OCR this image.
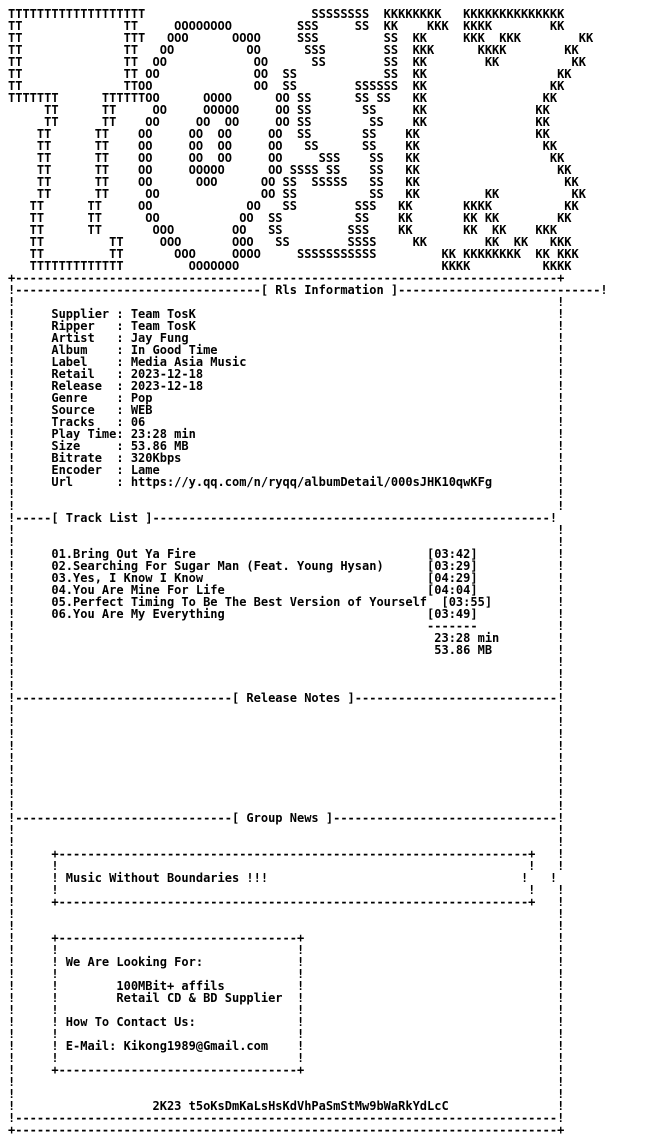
TTTTTTTTTTTTTTTTTTT                       SSSSSSSS  KKKKKKKK   KKKKKKKKKKKKKK
TT              TT     OOOOOOOO         SSS     SS  KK    KKK  KKKK        KK
TT              TTT   OOO      OOOO     SSS         SS  KK     KKK  KKK        KK
TT              TT   OO          OO      SSS        SS  KKK      KKKK        KK
TT              TT  OO            OO      SS        SS  KK        KK          KK
TT              TT OO             OO  SS            SS  KK                  KK
TT              TTOO              OO  SS        SSSSSS  KK                 KK
TTTTTTT      TTTTTTOO      OOOO      OO SS      SS SS   KK                KK
TT      TT     OO     OOOOO     OO SS       SS     KK               KK
TT      TT    OO     OO  OO     OO SS        SS    KK               KK
TT      TT    OO     OO  OO     OO  SS       SS    KK                KK
TT      TT    OO     OO  OO     OO   SS      SS    KK                 KK
TT      TT    OO     OO  OO     OO     SSS    SS   KK                  KK
TT      TT    OO     OOOOO      OO SSSS SS    SS   KK                   KK
TT      TT    OO      OOO      OO SS  SSSSS   SS   KK                    KK
TT      TT     OO              OO SS          SS   KK         KK          KK
TT      TT     OO             OO   SS        SSS   KK       KKKK          KK
TT      TT      OO           OO  SS          SS    KK       KK KK        KK
TT      TT       OOO        OO   SS         SSS    KK       KK  KK    KKK
TT         TT     OOO       OOO   SS        SSSS     KK        KK  KK   KKK
TT         TT       OOO     OOOO     SSSSSSSSSSS         KK KKKKKKKK  KK KKK
TTTTTTTTTTTTT         OOOOOOO                            KKKK          KKKK
+---------------------------------------------------------------------------+
!----------------------------------[ Rls Information ]----------------------------!
!                                                                           !
!     Supplier : Team TosK                                                  !
!     Ripper   : Team TosK                                                  !
!     Artist   : Jay Fung                                                   !
!     Album    : In Good Time                                               !
!     Label    : Media Asia Music                                           !
!     Retail   : 2023-12-18                                                 !
!     Release  : 2023-12-18                                                 !
!     Genre    : Pop                                                        !
!     Source   : WEB                                                        !
!     Tracks   : 06                                                         !
!     Play Time: 23:28 min                                                  !
!     Size     : 53.86 MB                                                   !
!     Bitrate  : 320Kbps                                                    !
!     Encoder  : Lame                                                       !
!     Url      : https://y.qq.com/n/ryqq/albumDetail/000sJHK10qwKFg         !
!                                                                           !
!                                                                           !
!-----[ Track List ]-------------------------------------------------------!
!                                                                           !
!                                                                           !
!     01.Bring Out Ya Fire                                [03:42]           !
!     02.Searching For Sugar Man (Feat. Young Hysan)      [03:29]           !
!     03.Yes, I Know I Know                               [04:29]           !
!     04.You Are Mine For Life                            [04:04]           !
!     05.Perfect Timing To Be The Best Version of Yourself  [03:55]         !
!     06.You Are My Everything                            [03:49]           !
!                                                         -------           !
!                                                          23:28 min        !
!                                                          53.86 MB         !
!                                                                           !
!                                                                           !
!                                                                           !
!------------------------------[ Release Notes ]----------------------------!
!                                                                           !
!                                                                           !
!                                                                           !
!                                                                           !
!                                                                           !
!                                                                           !
!                                                                           !
!                                                                           !
!                                                                           !
!------------------------------[ Group News ]-------------------------------!
!                                                                           !
!                                                                           !
!     +-----------------------------------------------------------------+   !
!     !                                                                 !   !
!     ! Music Without Boundaries !!!                                   !   !
!     !                                                                 !   !
!     +-----------------------------------------------------------------+   !
!                                                                           !
!                                                                           !
!     +---------------------------------+                                   !
!     !                                 !                                   !
!     ! We Are Looking For:             !                                   !
!     !                                 !                                   !
!     !        100MBit+ affils          !                                   !
!     !        Retail CD & BD Supplier  !                                   !
!     !                                 !                                   !
!     ! How To Contact Us:              !                                   !
!     !                                 !                                   !
!     ! E-Mail: Kikong1989@Gmail.com    !                                   !
!     !                                 !                                   !
!     +---------------------------------+                                   !
!                                                                           !
!                                                                           !
!                   2K23 t5oKsDmKaLsHsKdVhPaSmStMw9bWaRkYdLcC               !
!---------------------------------------------------------------------------!
+---------------------------------------------------------------------------+
